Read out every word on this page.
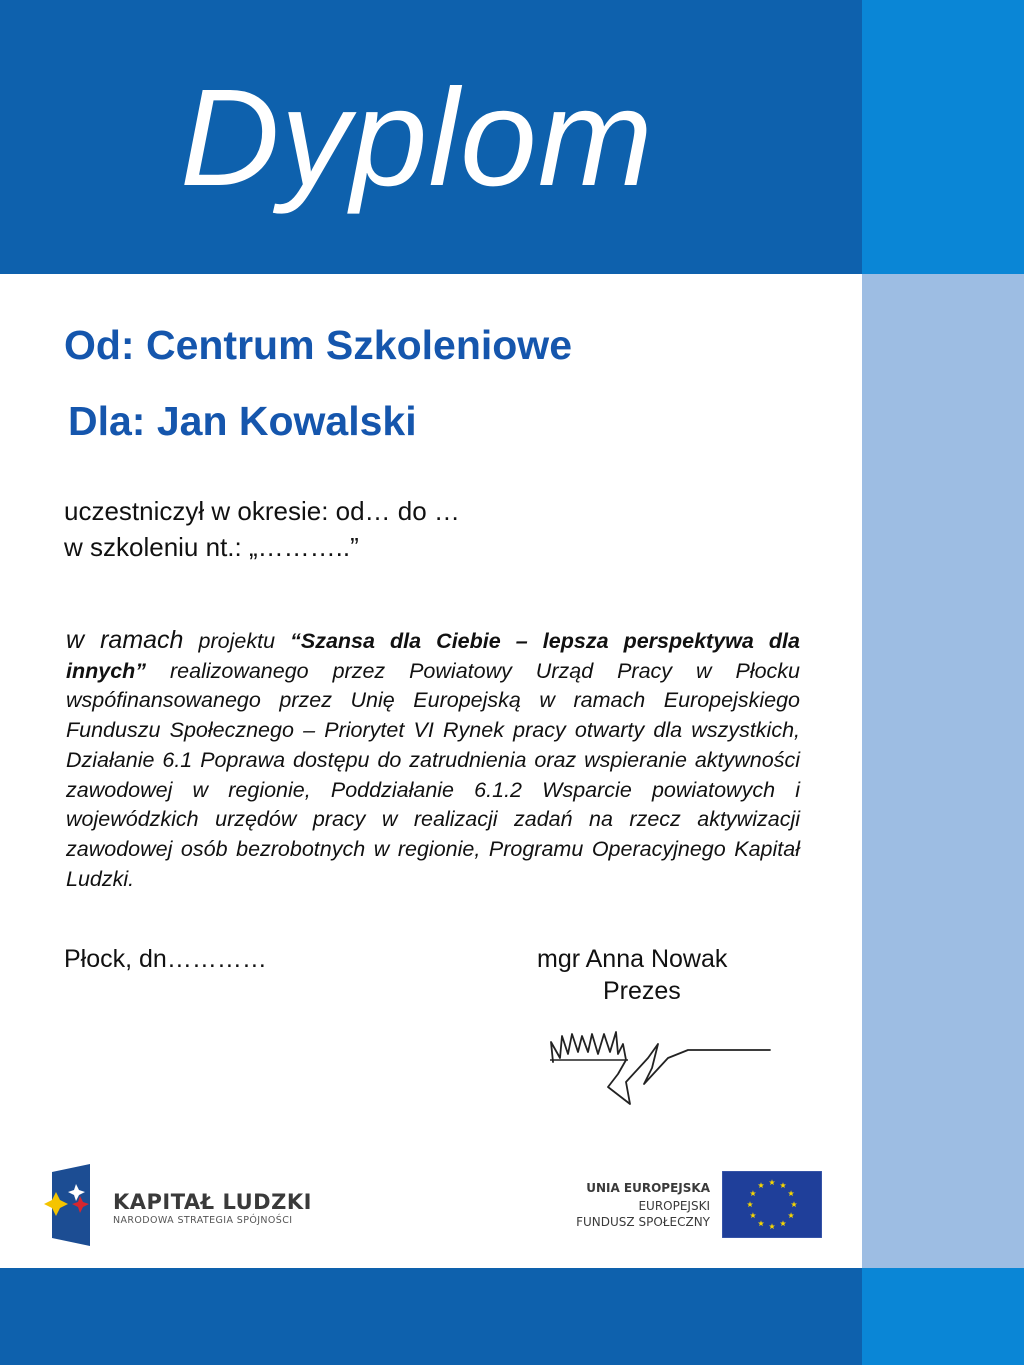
Dyplom
Od: Centrum Szkoleniowe
Dla: Jan Kowalski
uczestniczył w okresie: od… do …
w szkoleniu nt.: „………..”
w ramach projektu “Szansa dla Ciebie – lepsza perspektywa dla innych” realizowanego przez Powiatowy Urząd Pracy w Płocku wspófinansowanego przez Unię Europejską w ramach Europejskiego Funduszu Społecznego – Priorytet VI Rynek pracy otwarty dla wszystkich, Działanie 6.1 Poprawa dostępu do zatrudnienia oraz wspieranie aktywności zawodowej w regionie, Poddziałanie 6.1.2 Wsparcie powiatowych i wojewódzkich urzędów pracy w realizacji zadań na rzecz aktywizacji zawodowej osób bezrobotnych w regionie, Programu Operacyjnego Kapitał Ludzki.
Płock, dn…………	mgr Anna Nowak
Prezes
KAPITAŁ LUDZKI
NARODOWA STRATEGIA SPÓJNOŚCI
UNIA EUROPEJSKA
EUROPEJSKI
FUNDUSZ SPOŁECZNY
